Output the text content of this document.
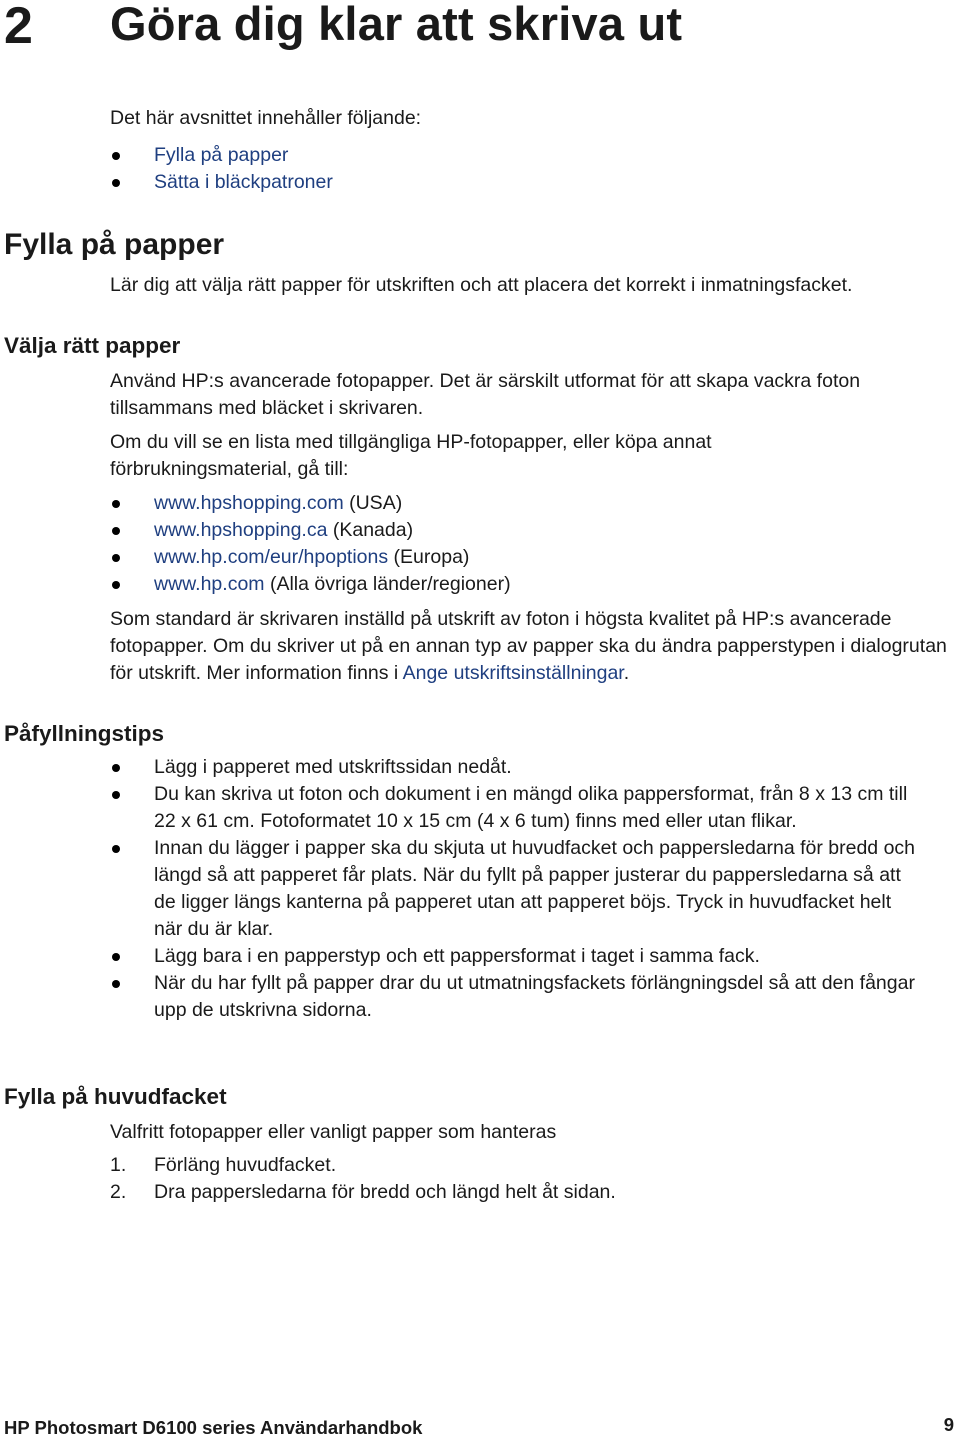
2 Göra dig klar att skriva ut

Det här avsnittet innehåller följande:

Fylla på papper
Sätta i bläckpatroner
Fylla på papper
Lär dig att välja rätt papper för utskriften och att placera det korrekt i inmatningsfacket.
Välja rätt papper
Använd HP:s avancerade fotopapper. Det är särskilt utformat för att skapa vackra foton tillsammans med bläcket i skrivaren.
Om du vill se en lista med tillgängliga HP-fotopapper, eller köpa annat förbrukningsmaterial, gå till:
www.hpshopping.com (USA)
www.hpshopping.ca (Kanada)
www.hp.com/eur/hpoptions (Europa)
www.hp.com (Alla övriga länder/regioner)
Som standard är skrivaren inställd på utskrift av foton i högsta kvalitet på HP:s avancerade fotopapper. Om du skriver ut på en annan typ av papper ska du ändra papperstypen i dialogrutan för utskrift. Mer information finns i Ange utskriftsinställningar.
Påfyllningstips
Lägg i papperet med utskriftssidan nedåt.
Du kan skriva ut foton och dokument i en mängd olika pappersformat, från 8 x 13 cm till 22 x 61 cm. Fotoformatet 10 x 15 cm (4 x 6 tum) finns med eller utan flikar.
Innan du lägger i papper ska du skjuta ut huvudfacket och pappersledarna för bredd och längd så att papperet får plats. När du fyllt på papper justerar du pappersledarna så att de ligger längs kanterna på papperet utan att papperet böjs. Tryck in huvudfacket helt när du är klar.
Lägg bara i en papperstyp och ett pappersformat i taget i samma fack.
När du har fyllt på papper drar du ut utmatningsfackets förlängningsdel så att den fångar upp de utskrivna sidorna.
Fylla på huvudfacket
Valfritt fotopapper eller vanligt papper som hanteras
1. Förläng huvudfacket.
2. Dra pappersledarna för bredd och längd helt åt sidan.
HP Photosmart D6100 series Användarhandbok	9
